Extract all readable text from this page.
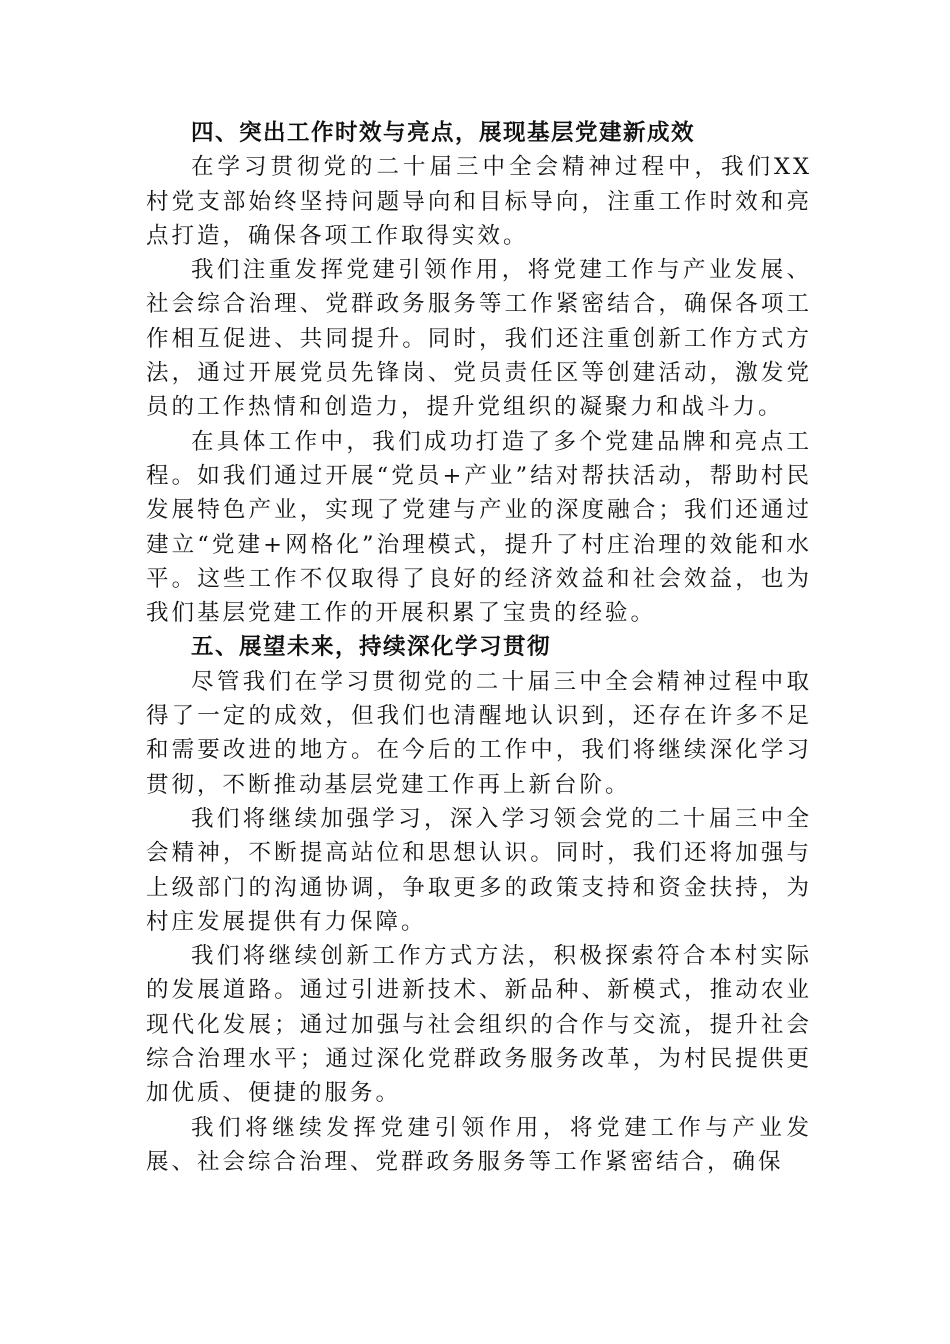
四、突出工作时效与亮点，展现基层党建新成效

在学习贯彻党的二十届三中全会精神过程中，我们XX村党支部始终坚持问题导向和目标导向，注重工作时效和亮点打造，确保各项工作取得实效。

我们注重发挥党建引领作用，将党建工作与产业发展、社会综合治理、党群政务服务等工作紧密结合，确保各项工作相互促进、共同提升。同时，我们还注重创新工作方式方法，通过开展党员先锋岗、党员责任区等创建活动，激发党员的工作热情和创造力，提升党组织的凝聚力和战斗力。

在具体工作中，我们成功打造了多个党建品牌和亮点工程。如我们通过开展“党员+产业”结对帮扶活动，帮助村民发展特色产业，实现了党建与产业的深度融合；我们还通过建立“党建+网格化”治理模式，提升了村庄治理的效能和水平。这些工作不仅取得了良好的经济效益和社会效益，也为我们基层党建工作的开展积累了宝贵的经验。

五、展望未来，持续深化学习贯彻

尽管我们在学习贯彻党的二十届三中全会精神过程中取得了一定的成效，但我们也清醒地认识到，还存在许多不足和需要改进的地方。在今后的工作中，我们将继续深化学习贯彻，不断推动基层党建工作再上新台阶。

我们将继续加强学习，深入学习领会党的二十届三中全会精神，不断提高站位和思想认识。同时，我们还将加强与上级部门的沟通协调，争取更多的政策支持和资金扶持，为村庄发展提供有力保障。

我们将继续创新工作方式方法，积极探索符合本村实际的发展道路。通过引进新技术、新品种、新模式，推动农业现代化发展；通过加强与社会组织的合作与交流，提升社会综合治理水平；通过深化党群政务服务改革，为村民提供更加优质、便捷的服务。

我们将继续发挥党建引领作用，将党建工作与产业发展、社会综合治理、党群政务服务等工作紧密结合，确保
